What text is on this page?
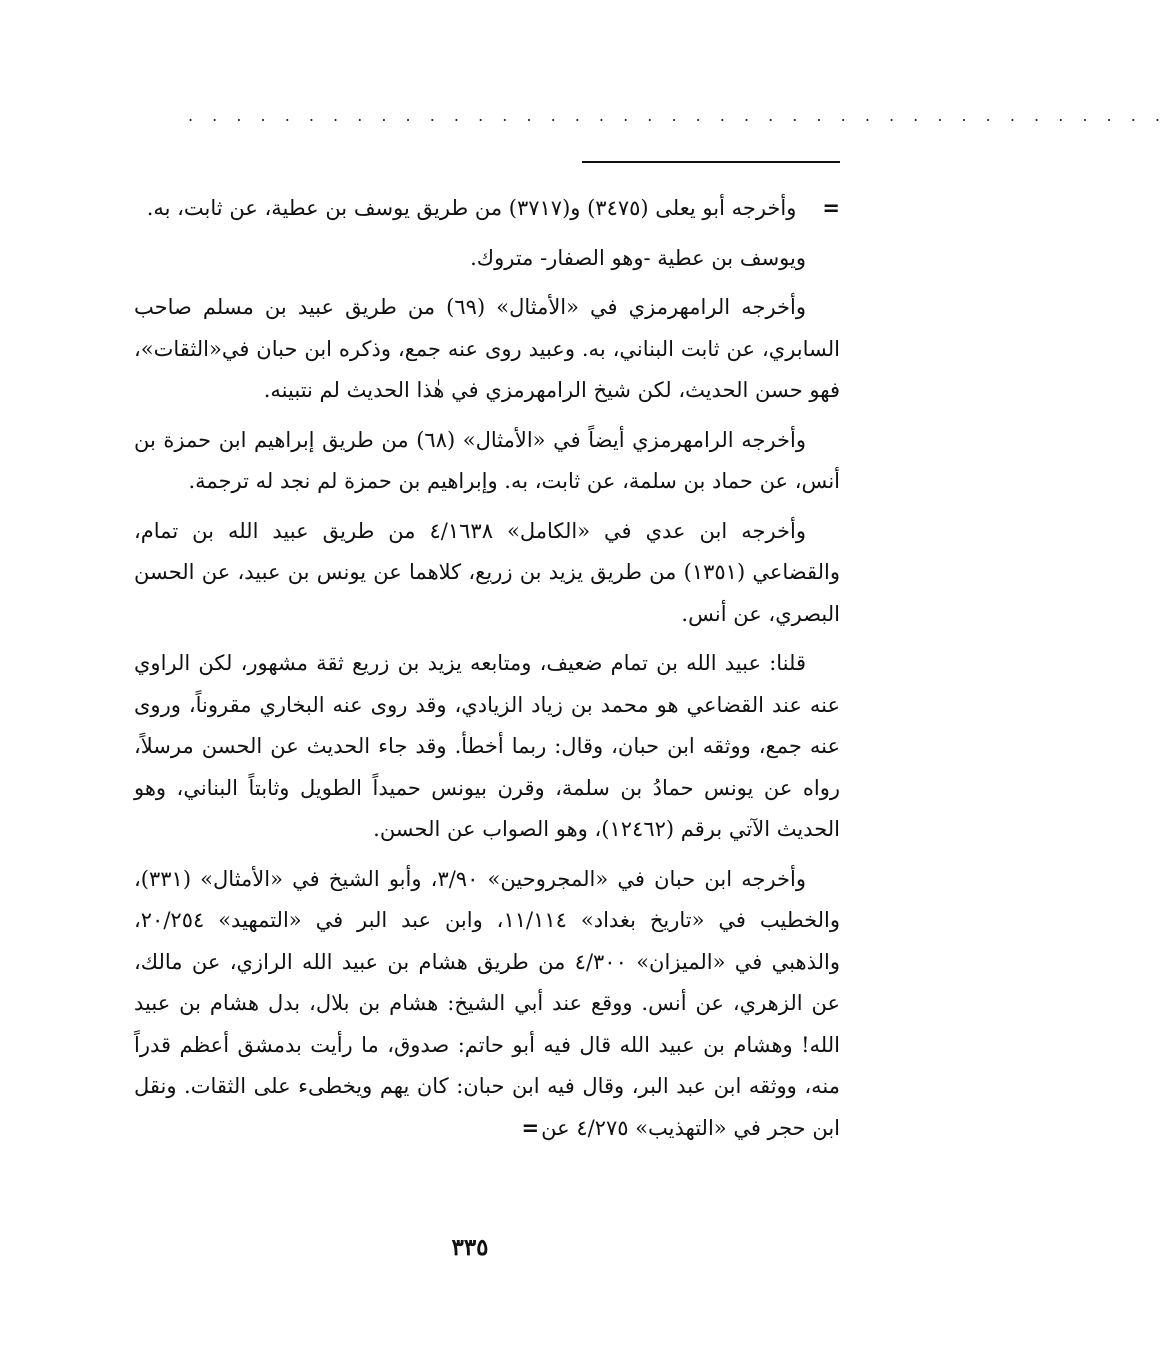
. . . . . . . . . . . . . . . . . . . . . . . . . . . . . . . . . . . . . . . . .

=وأخرجه أبو يعلى (٣٤٧٥) و(٣٧١٧) من طريق يوسف بن عطية، عن ثابت، به.

ويوسف بن عطية -وهو الصفار- متروك.

وأخرجه الرامهرمزي في «الأمثال» (٦٩) من طريق عبيد بن مسلم صاحب السابري، عن ثابت البناني، به. وعبيد روى عنه جمع، وذكره ابن حبان في«الثقات»، فهو حسن الحديث، لكن شيخ الرامهرمزي في هٰذا الحديث لم نتبينه.

وأخرجه الرامهرمزي أيضاً في «الأمثال» (٦٨) من طريق إبراهيم ابن حمزة بن أنس، عن حماد بن سلمة، عن ثابت، به. وإبراهيم بن حمزة لم نجد له ترجمة.

وأخرجه ابن عدي في «الكامل» ٤/١٦٣٨ من طريق عبيد الله بن تمام، والقضاعي (١٣٥١) من طريق يزيد بن زريع، كلاهما عن يونس بن عبيد، عن الحسن البصري، عن أنس.

قلنا: عبيد الله بن تمام ضعيف، ومتابعه يزيد بن زريع ثقة مشهور، لكن الراوي عنه عند القضاعي هو محمد بن زياد الزيادي، وقد روى عنه البخاري مقروناً، وروى عنه جمع، ووثقه ابن حبان، وقال: ربما أخطأ. وقد جاء الحديث عن الحسن مرسلاً، رواه عن يونس حمادُ بن سلمة، وقرن بيونس حميداً الطويل وثابتاً البناني، وهو الحديث الآتي برقم (١٢٤٦٢)، وهو الصواب عن الحسن.

وأخرجه ابن حبان في «المجروحين» ٣/٩٠، وأبو الشيخ في «الأمثال» (٣٣١)، والخطيب في «تاريخ بغداد» ١١/١١٤، وابن عبد البر في «التمهيد» ٢٠/٢٥٤، والذهبي في «الميزان» ٤/٣٠٠ من طريق هشام بن عبيد الله الرازي، عن مالك، عن الزهري، عن أنس. ووقع عند أبي الشيخ: هشام بن بلال، بدل هشام بن عبيد الله! وهشام بن عبيد الله قال فيه أبو حاتم: صدوق، ما رأيت بدمشق أعظم قدراً منه، ووثقه ابن عبد البر، وقال فيه ابن حبان: كان يهم ويخطىء على الثقات. ونقل ابن حجر في «التهذيب» ٤/٢٧٥ عن=

٣٣٥
